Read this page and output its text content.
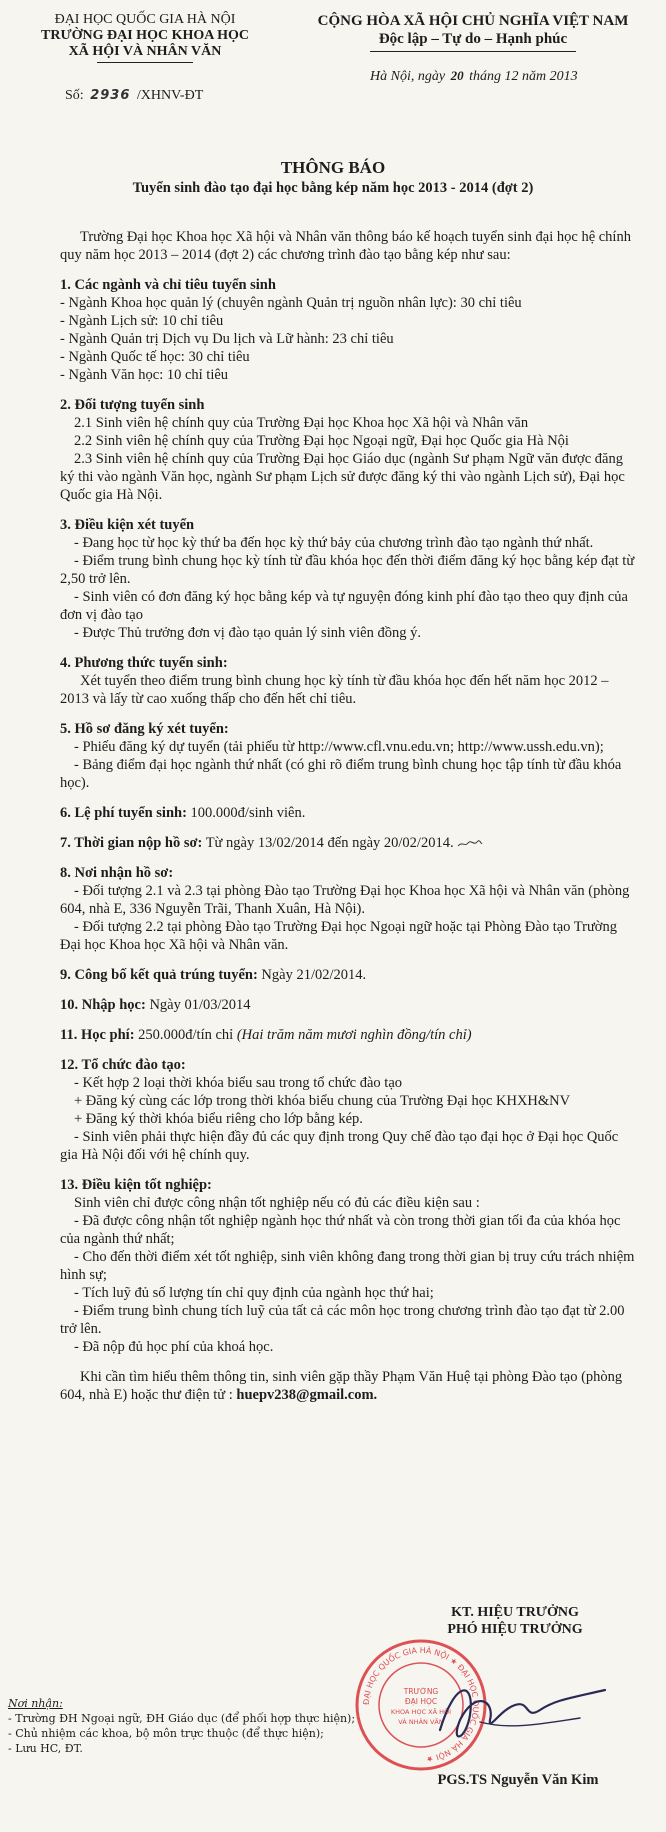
ĐẠI HỌC QUỐC GIA HÀ NỘI
TRƯỜNG ĐẠI HỌC KHOA HỌC
XÃ HỘI VÀ NHÂN VĂN
Số: 2936 /XHNV-ĐT
CỘNG HÒA XÃ HỘI CHỦ NGHĨA VIỆT NAM
Độc lập – Tự do – Hạnh phúc
Hà Nội, ngày 20 tháng 12 năm 2013
THÔNG BÁO
Tuyển sinh đào tạo đại học bằng kép năm học 2013 - 2014 (đợt 2)

Trường Đại học Khoa học Xã hội và Nhân văn thông báo kế hoạch tuyển sinh đại học hệ chính quy năm học 2013 – 2014 (đợt 2) các chương trình đào tạo bằng kép như sau:

1. Các ngành và chỉ tiêu tuyển sinh

- Ngành Khoa học quản lý (chuyên ngành Quản trị nguồn nhân lực): 30 chỉ tiêu

- Ngành Lịch sử: 10 chỉ tiêu

- Ngành Quản trị Dịch vụ Du lịch và Lữ hành: 23 chỉ tiêu

- Ngành Quốc tế học: 30 chỉ tiêu

- Ngành Văn học: 10 chỉ tiêu

2. Đối tượng tuyển sinh

2.1 Sinh viên hệ chính quy của Trường Đại học Khoa học Xã hội và Nhân văn

2.2 Sinh viên hệ chính quy của Trường Đại học Ngoại ngữ, Đại học Quốc gia Hà Nội

2.3 Sinh viên hệ chính quy của Trường Đại học Giáo dục (ngành Sư phạm Ngữ văn được đăng ký thi vào ngành Văn học, ngành Sư phạm Lịch sử được đăng ký thi vào ngành Lịch sử), Đại học Quốc gia Hà Nội.

3. Điều kiện xét tuyển

- Đang học từ học kỳ thứ ba đến học kỳ thứ bảy của chương trình đào tạo ngành thứ nhất.

- Điểm trung bình chung học kỳ tính từ đầu khóa học đến thời điểm đăng ký học bằng kép đạt từ 2,50 trở lên.

- Sinh viên có đơn đăng ký học bằng kép và tự nguyện đóng kinh phí đào tạo theo quy định của đơn vị đào tạo

- Được Thủ trưởng đơn vị đào tạo quản lý sinh viên đồng ý.

4. Phương thức tuyển sinh:

Xét tuyển theo điểm trung bình chung học kỳ tính từ đầu khóa học đến hết năm học 2012 – 2013 và lấy từ cao xuống thấp cho đến hết chỉ tiêu.

5. Hồ sơ đăng ký xét tuyển:

- Phiếu đăng ký dự tuyển (tải phiếu từ http://www.cfl.vnu.edu.vn; http://www.ussh.edu.vn);

- Bảng điểm đại học ngành thứ nhất (có ghi rõ điểm trung bình chung học tập tính từ đầu khóa học).

6. Lệ phí tuyển sinh: 100.000đ/sinh viên.

7. Thời gian nộp hồ sơ: Từ ngày 13/02/2014 đến ngày 20/02/2014.

8. Nơi nhận hồ sơ:

- Đối tượng 2.1 và 2.3 tại phòng Đào tạo Trường Đại học Khoa học Xã hội và Nhân văn (phòng 604, nhà E, 336 Nguyễn Trãi, Thanh Xuân, Hà Nội).

- Đối tượng 2.2 tại phòng Đào tạo Trường Đại học Ngoại ngữ hoặc tại Phòng Đào tạo Trường Đại học Khoa học Xã hội và Nhân văn.

9. Công bố kết quả trúng tuyển: Ngày 21/02/2014.

10. Nhập học: Ngày 01/03/2014

11. Học phí: 250.000đ/tín chỉ (Hai trăm năm mươi nghìn đồng/tín chỉ)

12. Tổ chức đào tạo:

- Kết hợp 2 loại thời khóa biểu sau trong tổ chức đào tạo

+ Đăng ký cùng các lớp trong thời khóa biểu chung của Trường Đại học KHXH&NV

+ Đăng ký thời khóa biểu riêng cho lớp bằng kép.

- Sinh viên phải thực hiện đầy đủ các quy định trong Quy chế đào tạo đại học ở Đại học Quốc gia Hà Nội đối với hệ chính quy.

13. Điều kiện tốt nghiệp:

Sinh viên chỉ được công nhận tốt nghiệp nếu có đủ các điều kiện sau :

- Đã được công nhận tốt nghiệp ngành học thứ nhất và còn trong thời gian tối đa của khóa học của ngành thứ nhất;

- Cho đến thời điểm xét tốt nghiệp, sinh viên không đang trong thời gian bị truy cứu trách nhiệm hình sự;

- Tích luỹ đủ số lượng tín chỉ quy định của ngành học thứ hai;

- Điểm trung bình chung tích luỹ của tất cả các môn học trong chương trình đào tạo đạt từ 2.00 trở lên.

- Đã nộp đủ học phí của khoá học.

Khi cần tìm hiểu thêm thông tin, sinh viên gặp thầy Phạm Văn Huệ tại phòng Đào tạo (phòng 604, nhà E) hoặc thư điện tử : huepv238@gmail.com.

KT. HIỆU TRƯỞNG
PHÓ HIỆU TRƯỞNG
ĐẠI HỌC QUỐC GIA HÀ NỘI ★ ĐẠI HỌC QUỐC GIA HÀ NỘI ★
TRƯỜNG
ĐẠI HỌC
KHOA HỌC XÃ HỘI
VÀ NHÂN VĂN
PGS.TS Nguyễn Văn Kim
Nơi nhận:
- Trường ĐH Ngoại ngữ, ĐH Giáo dục (để phối hợp thực hiện);
- Chủ nhiệm các khoa, bộ môn trực thuộc (để thực hiện);
- Lưu HC, ĐT.
